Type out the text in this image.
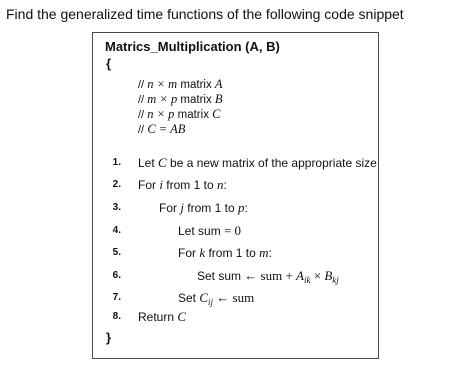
Find the generalized time functions of the following code snippet
Matrics_Multiplication (A, B)
{
// n × m matrix A
// m × p matrix B
// n × p matrix C
// C = AB
1. Let C be a new matrix of the appropriate size
2. For i from 1 to n:
3.	For j from 1 to p:
4.	Let sum = 0
5.	For k from 1 to m:
6.	Set sum ← sum + $A_{ik} \times B_{kj}$
7.	Set $C_{ij}$ ← sum
8. Return C
}
